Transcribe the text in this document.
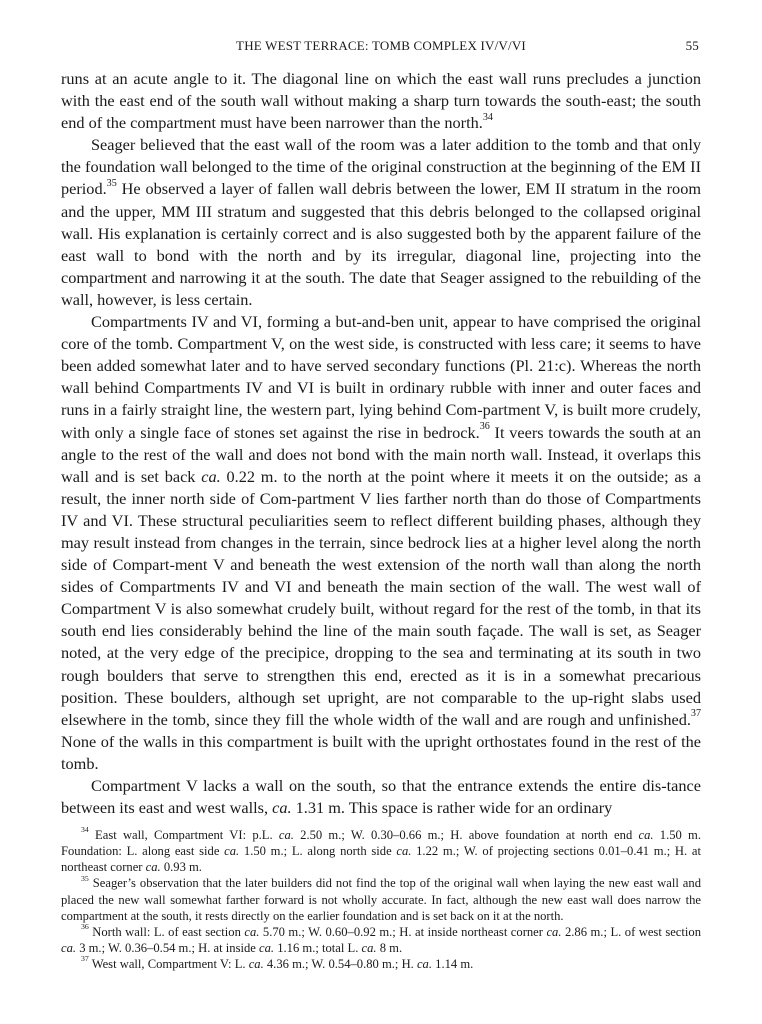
THE WEST TERRACE: TOMB COMPLEX IV/V/VI	55

runs at an acute angle to it. The diagonal line on which the east wall runs precludes a junction with the east end of the south wall without making a sharp turn towards the south-east; the south end of the compartment must have been narrower than the north.$^{34}$

Seager believed that the east wall of the room was a later addition to the tomb and that only the foundation wall belonged to the time of the original construction at the beginning of the EM II period.$^{35}$ He observed a layer of fallen wall debris between the lower, EM II stratum in the room and the upper, MM III stratum and suggested that this debris belonged to the collapsed original wall. His explanation is certainly correct and is also suggested both by the apparent failure of the east wall to bond with the north and by its irregular, diagonal line, projecting into the compartment and narrowing it at the south. The date that Seager assigned to the rebuilding of the wall, however, is less certain.

Compartments IV and VI, forming a but-and-ben unit, appear to have comprised the original core of the tomb. Compartment V, on the west side, is constructed with less care; it seems to have been added somewhat later and to have served secondary functions (Pl. 21:c). Whereas the north wall behind Compartments IV and VI is built in ordinary rubble with inner and outer faces and runs in a fairly straight line, the western part, lying behind Com-partment V, is built more crudely, with only a single face of stones set against the rise in bedrock.$^{36}$ It veers towards the south at an angle to the rest of the wall and does not bond with the main north wall. Instead, it overlaps this wall and is set back ca. 0.22 m. to the north at the point where it meets it on the outside; as a result, the inner north side of Com-partment V lies farther north than do those of Compartments IV and VI. These structural peculiarities seem to reflect different building phases, although they may result instead from changes in the terrain, since bedrock lies at a higher level along the north side of Compart-ment V and beneath the west extension of the north wall than along the north sides of Compartments IV and VI and beneath the main section of the wall. The west wall of Compartment V is also somewhat crudely built, without regard for the rest of the tomb, in that its south end lies considerably behind the line of the main south façade. The wall is set, as Seager noted, at the very edge of the precipice, dropping to the sea and terminating at its south in two rough boulders that serve to strengthen this end, erected as it is in a somewhat precarious position. These boulders, although set upright, are not comparable to the up-right slabs used elsewhere in the tomb, since they fill the whole width of the wall and are rough and unfinished.$^{37}$ None of the walls in this compartment is built with the upright orthostates found in the rest of the tomb.

Compartment V lacks a wall on the south, so that the entrance extends the entire dis-tance between its east and west walls, ca. 1.31 m. This space is rather wide for an ordinary

$^{34}$ East wall, Compartment VI: p.L. ca. 2.50 m.; W. 0.30–0.66 m.; H. above foundation at north end ca. 1.50 m. Foundation: L. along east side ca. 1.50 m.; L. along north side ca. 1.22 m.; W. of projecting sections 0.01–0.41 m.; H. at northeast corner ca. 0.93 m.

$^{35}$ Seager’s observation that the later builders did not find the top of the original wall when laying the new east wall and placed the new wall somewhat farther forward is not wholly accurate. In fact, although the new east wall does narrow the compartment at the south, it rests directly on the earlier foundation and is set back on it at the north.

$^{36}$ North wall: L. of east section ca. 5.70 m.; W. 0.60–0.92 m.; H. at inside northeast corner ca. 2.86 m.; L. of west section ca. 3 m.; W. 0.36–0.54 m.; H. at inside ca. 1.16 m.; total L. ca. 8 m.

$^{37}$ West wall, Compartment V: L. ca. 4.36 m.; W. 0.54–0.80 m.; H. ca. 1.14 m.
